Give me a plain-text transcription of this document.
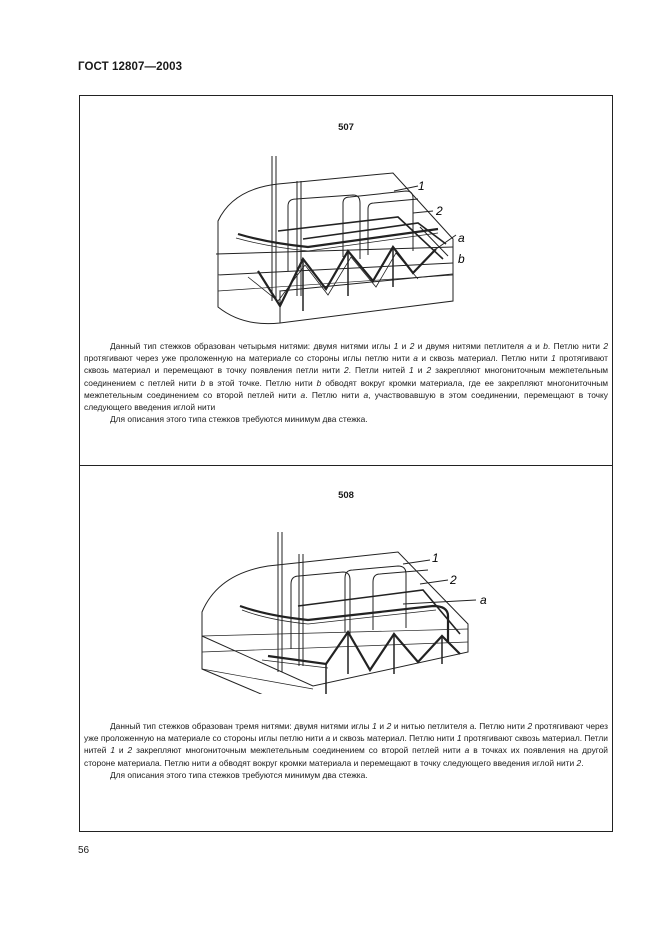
ГОСТ 12807—2003
507
1
2
a
b

Данный тип стежков образован четырьмя нитями: двумя нитями иглы 1 и 2 и двумя нитями петлителя a и b. Петлю нити 2 протягивают через уже проложенную на материале со стороны иглы петлю нити a и сквозь материал. Петлю нити 1 протягивают сквозь материал и перемещают в точку появления петли нити 2. Петли нитей 1 и 2 закрепляют многониточным межпетельным соединением с петлей нити b в этой точке. Петлю нити b обводят вокруг кромки материала, где ее закрепляют многониточным межпетельным соединением со второй петлей нити a. Петлю нити a, участвовавшую в этом соединении, перемещают в точку следующего введения иглой нити

Для описания этого типа стежков требуются минимум два стежка.

508
1
2
a

Данный тип стежков образован тремя нитями: двумя нитями иглы 1 и 2 и нитью петлителя а. Петлю нити 2 протягивают через уже проложенную на материале со стороны иглы петлю нити a и сквозь материал. Петлю нити 1 протягивают сквозь материал. Петли нитей 1 и 2 закрепляют многониточным межпетельным соединением со второй петлей нити a в точках их появления на другой стороне материала. Петлю нити a обводят вокруг кромки материала и перемещают в точку следующего введения иглой нити 2.

Для описания этого типа стежков требуются минимум два стежка.

56
